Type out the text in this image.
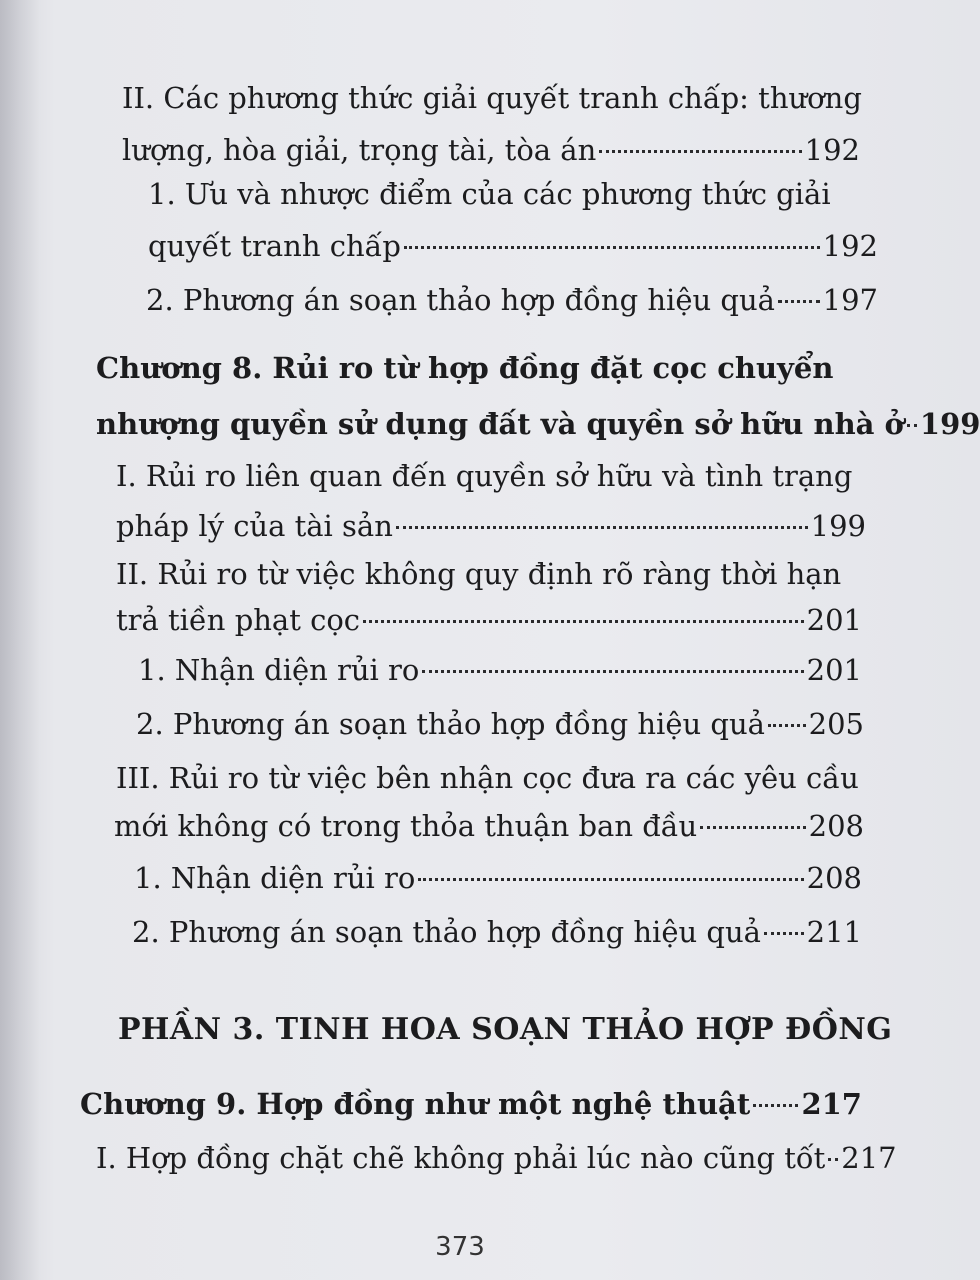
II. Các phương thức giải quyết tranh chấp: thương
lượng, hòa giải, trọng tài, tòa án	192
1. Ưu và nhược điểm của các phương thức giải
quyết tranh chấp	192
2. Phương án soạn thảo hợp đồng hiệu quả 197
Chương 8. Rủi ro từ hợp đồng đặt cọc chuyển
nhượng quyền sử dụng đất và quyền sở hữu nhà ở 199
I. Rủi ro liên quan đến quyền sở hữu và tình trạng
pháp lý của tài sản	199
II. Rủi ro từ việc không quy định rõ ràng thời hạn
trả tiền phạt cọc	201
1. Nhận diện rủi ro	201
2. Phương án soạn thảo hợp đồng hiệu quả 205
III. Rủi ro từ việc bên nhận cọc đưa ra các yêu cầu
mới không có trong thỏa thuận ban đầu	208
1. Nhận diện rủi ro	208
2. Phương án soạn thảo hợp đồng hiệu quả 211
PHẦN 3. TINH HOA SOẠN THẢO HỢP ĐỒNG
Chương 9. Hợp đồng như một nghệ thuật 217
I. Hợp đồng chặt chẽ không phải lúc nào cũng tốt 217
373
